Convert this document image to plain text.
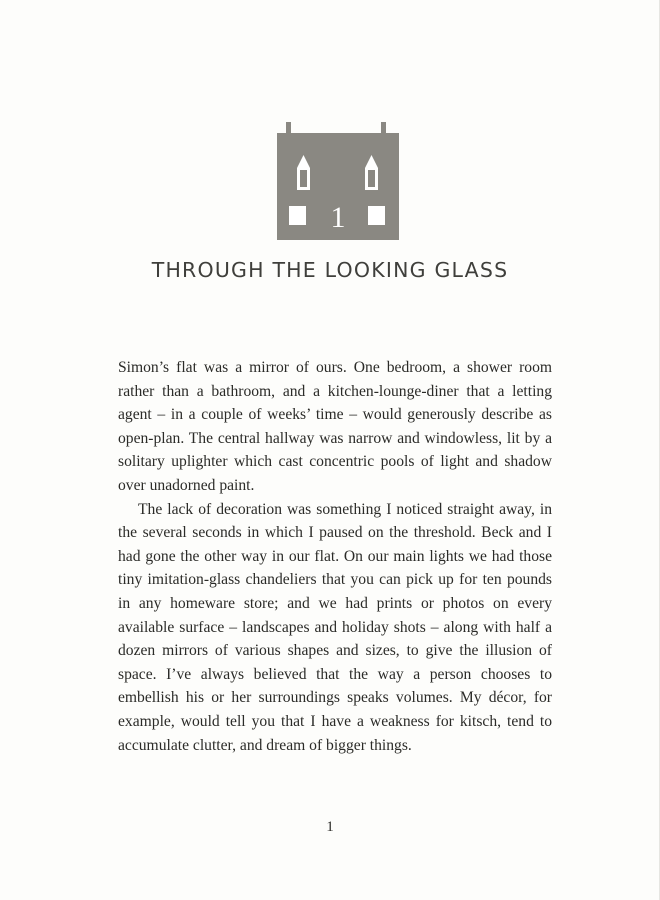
1
THROUGH THE LOOKING GLASS

Simon’s flat was a mirror of ours. One bedroom, a shower room rather than a bathroom, and a kitchen-lounge-diner that a letting agent – in a couple of weeks’ time – would generously describe as open-plan. The central hallway was narrow and windowless, lit by a solitary uplighter which cast concentric pools of light and shadow over unadorned paint.

The lack of decoration was something I noticed straight away, in the several seconds in which I paused on the threshold. Beck and I had gone the other way in our flat. On our main lights we had those tiny imitation-glass chandeliers that you can pick up for ten pounds in any homeware store; and we had prints or photos on every available surface – landscapes and holiday shots – along with half a dozen mirrors of various shapes and sizes, to give the illusion of space. I’ve always believed that the way a person chooses to embellish his or her surroundings speaks volumes. My décor, for example, would tell you that I have a weakness for kitsch, tend to accumulate clutter, and dream of bigger things.

1
